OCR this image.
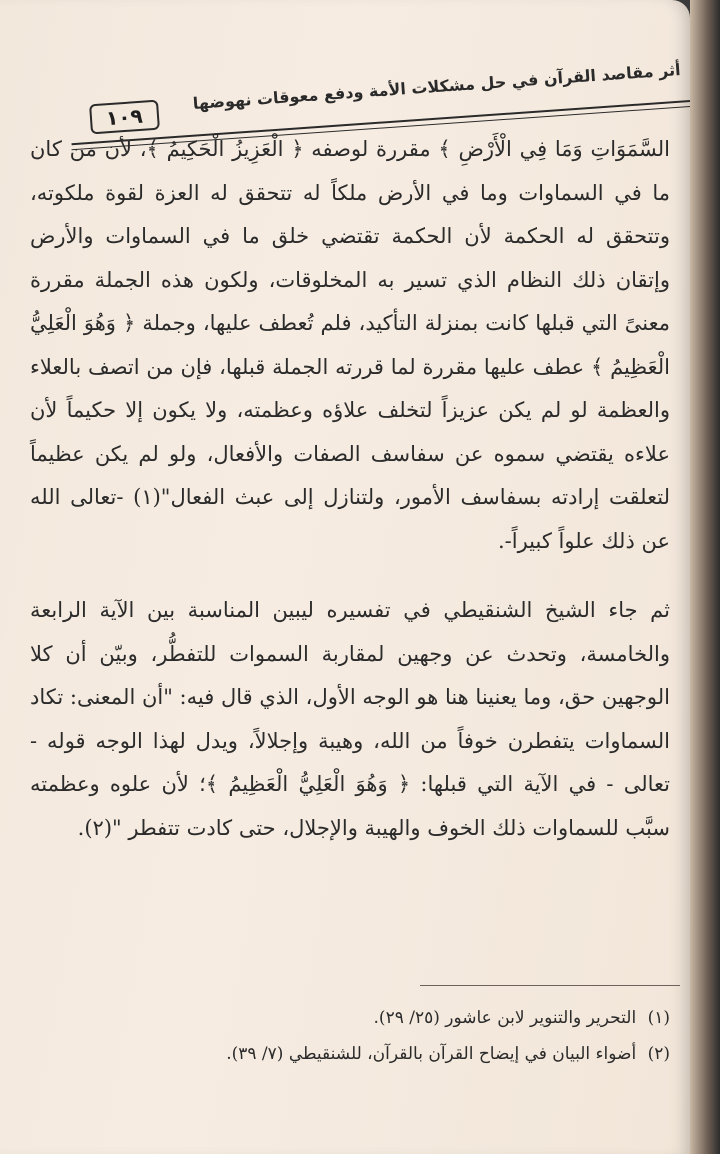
أثر مقاصد القرآن في حل مشكلات الأمة ودفع معوقات نهوضها
١٠٩

السَّمَوَاتِ وَمَا فِي الْأَرْضِ ﴾ مقررة لوصفه ﴿ الْعَزِيزُ الْحَكِيمُ ﴾، لأن من كان ما في السماوات وما في الأرض ملكاً له تتحقق له العزة لقوة ملكوته، وتتحقق له الحكمة لأن الحكمة تقتضي خلق ما في السماوات والأرض وإتقان ذلك النظام الذي تسير به المخلوقات، ولكون هذه الجملة مقررة معنىً التي قبلها كانت بمنزلة التأكيد، فلم تُعطف عليها، وجملة ﴿ وَهُوَ الْعَلِيُّ الْعَظِيمُ ﴾ عطف عليها مقررة لما قررته الجملة قبلها، فإن من اتصف بالعلاء والعظمة لو لم يكن عزيزاً لتخلف علاؤه وعظمته، ولا يكون إلا حكيماً لأن علاءه يقتضي سموه عن سفاسف الصفات والأفعال، ولو لم يكن عظيماً لتعلقت إرادته بسفاسف الأمور، ولتنازل إلى عبث الفعال"(١) -تعالى الله عن ذلك علواً كبيراً-.

ثم جاء الشيخ الشنقيطي في تفسيره ليبين المناسبة بين الآية الرابعة والخامسة، وتحدث عن وجهين لمقاربة السموات للتفطُّر، وبيّن أن كلا الوجهين حق، وما يعنينا هنا هو الوجه الأول، الذي قال فيه: "أن المعنى: تكاد السماوات يتفطرن خوفاً من الله، وهيبة وإجلالاً، ويدل لهذا الوجه قوله - تعالى - في الآية التي قبلها: ﴿ وَهُوَ الْعَلِيُّ الْعَظِيمُ ﴾؛ لأن علوه وعظمته سبَّب للسماوات ذلك الخوف والهيبة والإجلال، حتى كادت تتفطر "(٢).

(١) التحرير والتنوير لابن عاشور (٢٥/ ٢٩).

(٢) أضواء البيان في إيضاح القرآن بالقرآن، للشنقيطي (٧/ ٣٩).
